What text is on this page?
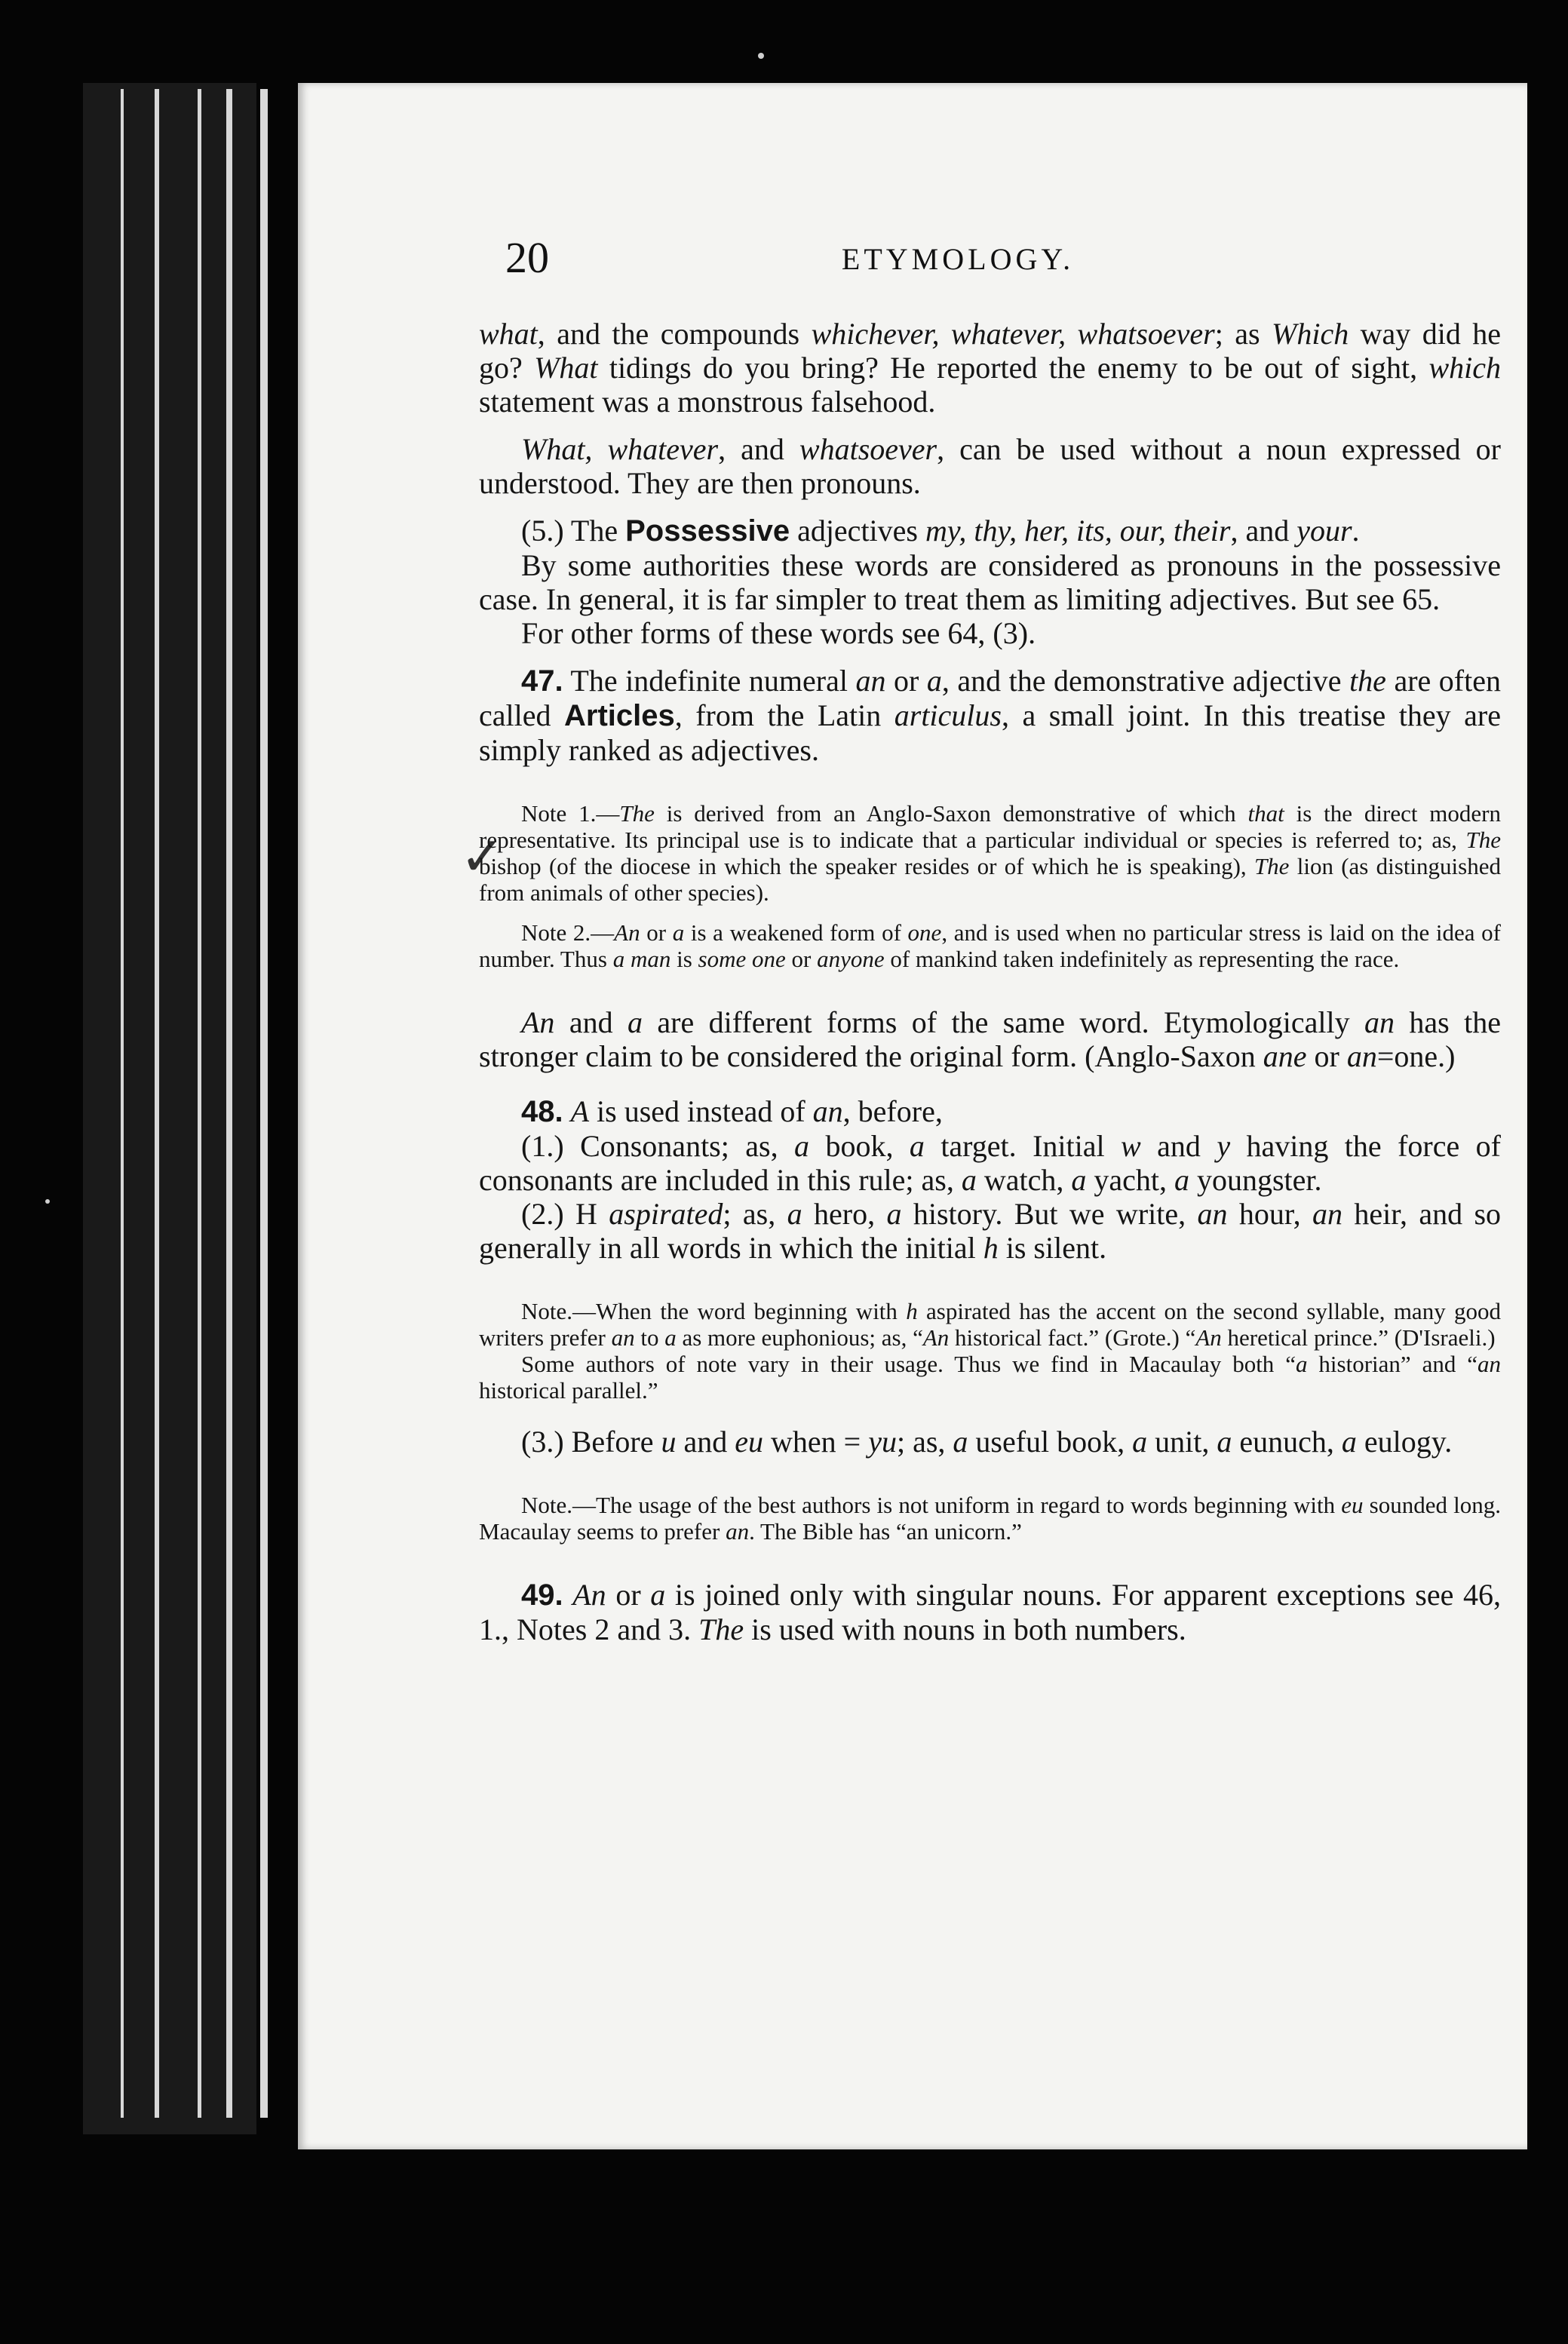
20	ETYMOLOGY.
✓

what, and the compounds whichever, whatever, whatsoever; as Which way did he go? What tidings do you bring? He reported the enemy to be out of sight, which statement was a monstrous falsehood.

What, whatever, and whatsoever, can be used without a noun expressed or understood. They are then pronouns.

(5.) The Possessive adjectives my, thy, her, its, our, their, and your.

By some authorities these words are considered as pronouns in the possessive case. In general, it is far simpler to treat them as limiting adjectives. But see 65.

For other forms of these words see 64, (3).

47. The indefinite numeral an or a, and the demonstrative adjective the are often called Articles, from the Latin articulus, a small joint. In this treatise they are simply ranked as adjectives.

Note 1.—The is derived from an Anglo-Saxon demonstrative of which that is the direct modern representative. Its principal use is to indicate that a particular individual or species is referred to; as, The bishop (of the diocese in which the speaker resides or of which he is speaking), The lion (as distinguished from animals of other species).

Note 2.—An or a is a weakened form of one, and is used when no particular stress is laid on the idea of number. Thus a man is some one or anyone of mankind taken indefinitely as representing the race.

An and a are different forms of the same word. Etymologically an has the stronger claim to be considered the original form. (Anglo-Saxon ane or an=one.)

48. A is used instead of an, before,

(1.) Consonants; as, a book, a target. Initial w and y having the force of consonants are included in this rule; as, a watch, a yacht, a youngster.

(2.) H aspirated; as, a hero, a history. But we write, an hour, an heir, and so generally in all words in which the initial h is silent.

Note.—When the word beginning with h aspirated has the accent on the second syllable, many good writers prefer an to a as more euphonious; as, “An historical fact.” (Grote.) “An heretical prince.” (D'Israeli.)

Some authors of note vary in their usage. Thus we find in Macaulay both “a historian” and “an historical parallel.”

(3.) Before u and eu when = yu; as, a useful book, a unit, a eunuch, a eulogy.

Note.—The usage of the best authors is not uniform in regard to words beginning with eu sounded long. Macaulay seems to prefer an. The Bible has “an unicorn.”

49. An or a is joined only with singular nouns. For apparent exceptions see 46, 1., Notes 2 and 3. The is used with nouns in both numbers.
